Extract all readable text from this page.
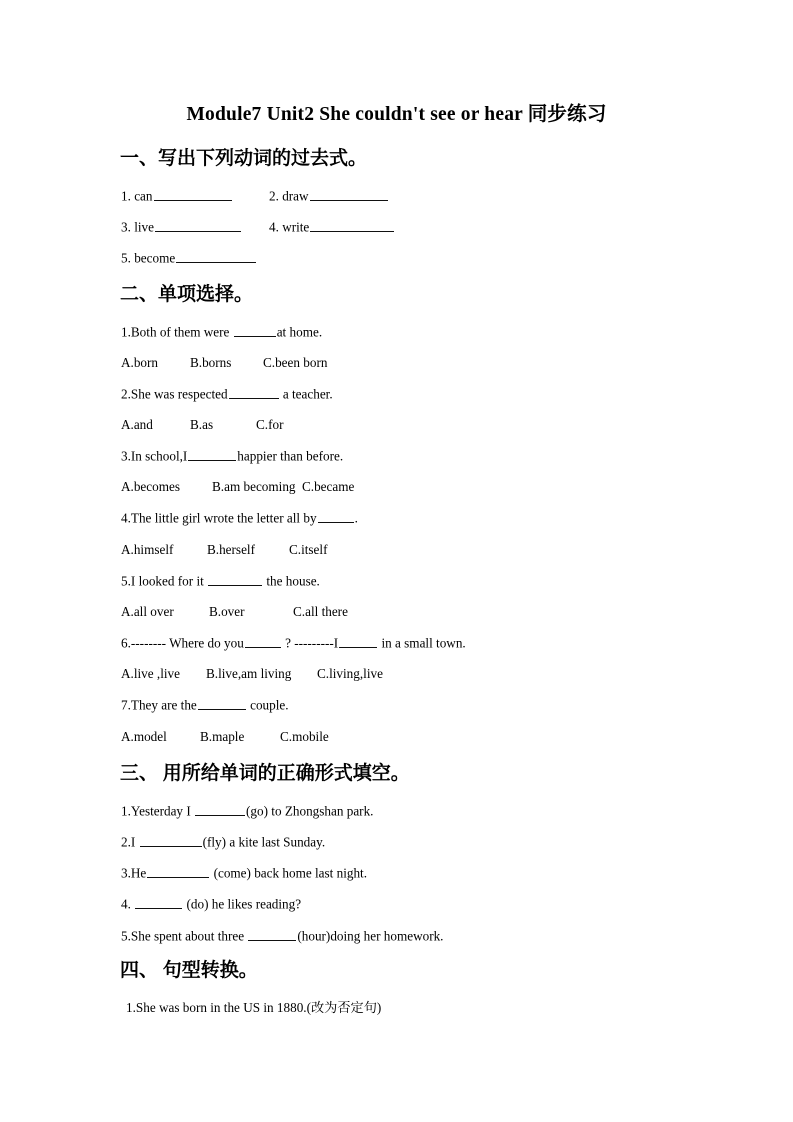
Module7 Unit2 She couldn't see or hear 同步练习
一、写出下列动词的过去式。
1. can	2. draw
3. live	4. write
5. become
二、单项选择。
1.Both of them were	at home.
A.born B.borns C.been born
2.She was respected	a teacher.
A.and	B.as	C.for
3.In school,I	happier than before.
A.becomes B.am becoming C.became
4.The little girl wrote the letter all by	.
A.himself	B.herself	C.itself
5.I looked for it	the house.
A.all over	B.over	C.all there
6.-------- Where do you	? ---------I	in a small town.
A.live ,live B.live,am living C.living,live
7.They are the	couple.
A.model	B.maple	C.mobile
三、 用所给单词的正确形式填空。
1.Yesterday I	(go) to Zhongshan park.
2.I	(fly) a kite last Sunday.
3.He	(come) back home last night.
4.	(do) he likes reading?
5.She spent about three	(hour)doing her homework.
四、 句型转换。
1.She was born in the US in 1880.(改为否定句)
